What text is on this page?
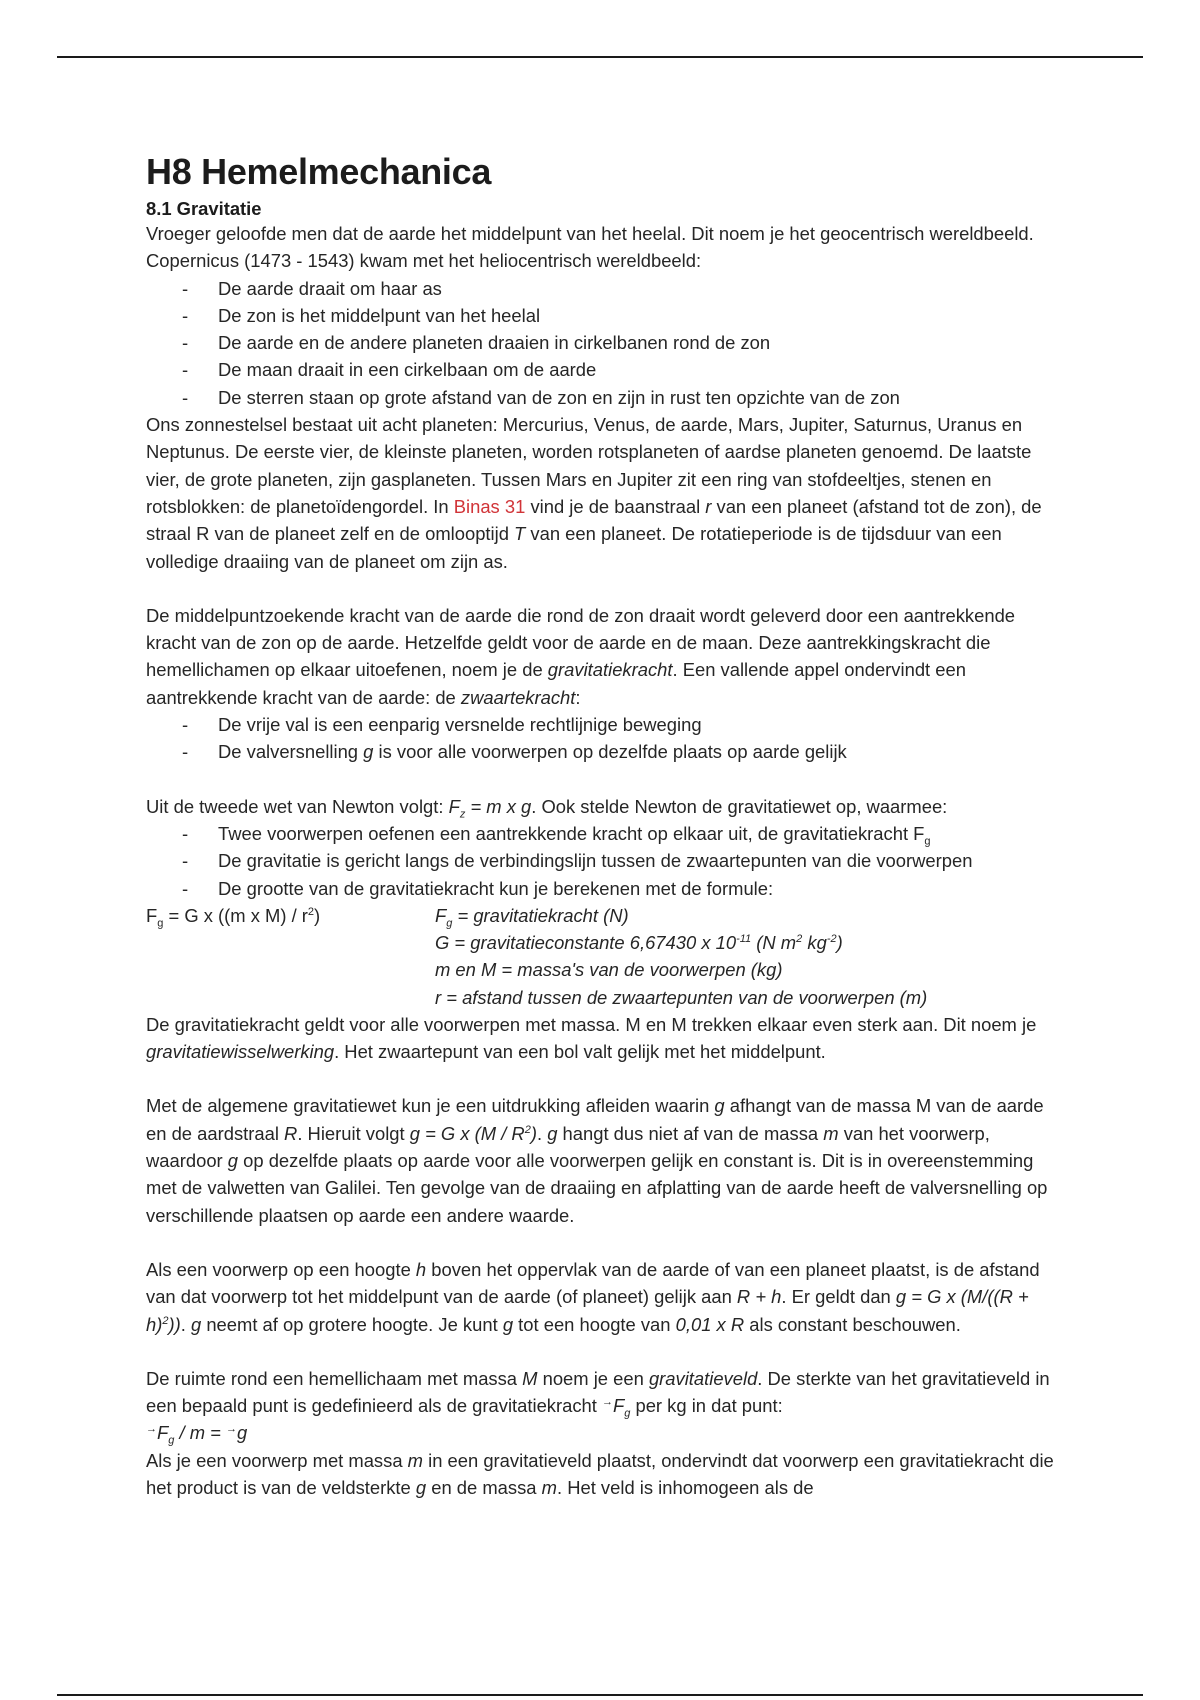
H8 Hemelmechanica
8.1 Gravitatie

Vroeger geloofde men dat de aarde het middelpunt van het heelal. Dit noem je het geocentrisch wereldbeeld. Copernicus (1473 - 1543) kwam met het heliocentrisch wereldbeeld:

- De aarde draait om haar as
- De zon is het middelpunt van het heelal
- De aarde en de andere planeten draaien in cirkelbanen rond de zon
- De maan draait in een cirkelbaan om de aarde
- De sterren staan op grote afstand van de zon en zijn in rust ten opzichte van de zon

Ons zonnestelsel bestaat uit acht planeten: Mercurius, Venus, de aarde, Mars, Jupiter, Saturnus, Uranus en Neptunus. De eerste vier, de kleinste planeten, worden rotsplaneten of aardse planeten genoemd. De laatste vier, de grote planeten, zijn gasplaneten. Tussen Mars en Jupiter zit een ring van stofdeeltjes, stenen en rotsblokken: de planetoïdengordel. In Binas 31 vind je de baanstraal r van een planeet (afstand tot de zon), de straal R van de planeet zelf en de omlooptijd T van een planeet. De rotatieperiode is de tijdsduur van een volledige draaiing van de planeet om zijn as.

De middelpuntzoekende kracht van de aarde die rond de zon draait wordt geleverd door een aantrekkende kracht van de zon op de aarde. Hetzelfde geldt voor de aarde en de maan. Deze aantrekkingskracht die hemellichamen op elkaar uitoefenen, noem je de gravitatiekracht. Een vallende appel ondervindt een aantrekkende kracht van de aarde: de zwaartekracht:

- De vrije val is een eenparig versnelde rechtlijnige beweging
- De valversnelling g is voor alle voorwerpen op dezelfde plaats op aarde gelijk

Uit de tweede wet van Newton volgt: $F_z = m$ x g. Ook stelde Newton de gravitatiewet op, waarmee:

- Twee voorwerpen oefenen een aantrekkende kracht op elkaar uit, de gravitatiekracht $F_g$
- De gravitatie is gericht langs de verbindingslijn tussen de zwaartepunten van die voorwerpen
- De grootte van de gravitatiekracht kun je berekenen met de formule:
$F_g = G$ x ((m x $M) / r^2$)	$F_g$ = gravitatiekracht (N)
G = gravitatieconstante 6,67430 x $10^{-11}$ (N $m^2$ $kg^{-2}$)
m en M = massa's van de voorwerpen (kg)
r = afstand tussen de zwaartepunten van de voorwerpen (m)

De gravitatiekracht geldt voor alle voorwerpen met massa. M en M trekken elkaar even sterk aan. Dit noem je gravitatiewisselwerking. Het zwaartepunt van een bol valt gelijk met het middelpunt.

Met de algemene gravitatiewet kun je een uitdrukking afleiden waarin g afhangt van de massa M van de aarde en de aardstraal R. Hieruit volgt g = G x $(M / R^2)$. g hangt dus niet af van de massa m van het voorwerp, waardoor g op dezelfde plaats op aarde voor alle voorwerpen gelijk en constant is. Dit is in overeenstemming met de valwetten van Galilei. Ten gevolge van de draaiing en afplatting van de aarde heeft de valversnelling op verschillende plaatsen op aarde een andere waarde.

Als een voorwerp op een hoogte h boven het oppervlak van de aarde of van een planeet plaatst, is de afstand van dat voorwerp tot het middelpunt van de aarde (of planeet) gelijk aan R + h. Er geldt dan g = G x $(M/((R + h)^2))$. g neemt af op grotere hoogte. Je kunt g tot een hoogte van 0,01 x R als constant beschouwen.

De ruimte rond een hemellichaam met massa M noem je een gravitatieveld. De sterkte van het gravitatieveld in een bepaald punt is gedefinieerd als de gravitatiekracht $^\to F_g$ per kg in dat punt:
$^\to F_g / m = ^\to g$

Als je een voorwerp met massa m in een gravitatieveld plaatst, ondervindt dat voorwerp een gravitatiekracht die het product is van de veldsterkte g en de massa m. Het veld is inhomogeen als de
